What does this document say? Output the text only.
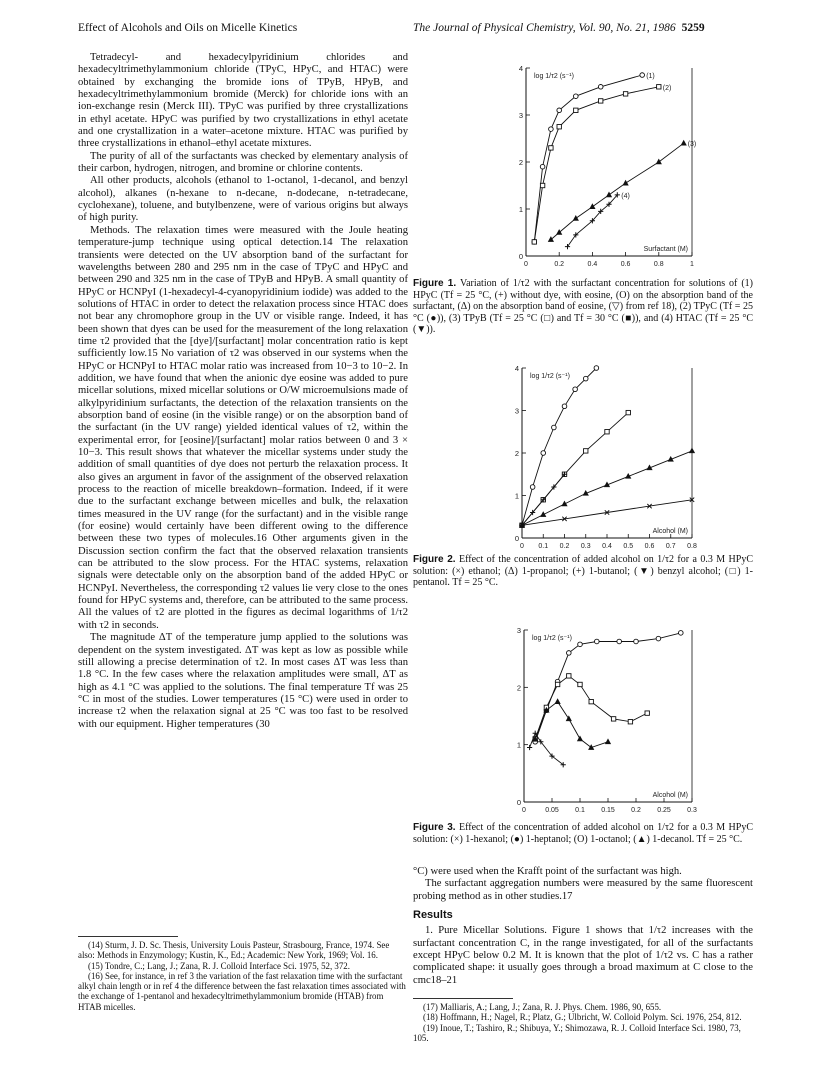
Effect of Alcohols and Oils on Micelle Kinetics	The Journal of Physical Chemistry, Vol. 90, No. 21, 1986 5259

Tetradecyl- and hexadecylpyridinium chlorides and hexadecyltrimethylammonium chloride (TPyC, HPyC, and HTAC) were obtained by exchanging the bromide ions of TPyB, HPyB, and hexadecyltrimethylammonium bromide (Merck) for chloride ions with an ion-exchange resin (Merck III). TPyC was purified by three crystallizations in ethyl acetate. HPyC was purified by two crystallizations in ethyl acetate and one crystallization in a water–acetone mixture. HTAC was purified by three crystallizations in ethanol–ethyl acetate mixtures.

The purity of all of the surfactants was checked by elementary analysis of their carbon, hydrogen, nitrogen, and bromine or chlorine contents.

All other products, alcohols (ethanol to 1-octanol, 1-decanol, and benzyl alcohol), alkanes (n-hexane to n-decane, n-dodecane, n-tetradecane, cyclohexane), toluene, and butylbenzene, were of various origins but always of high purity.

Methods. The relaxation times were measured with the Joule heating temperature-jump technique using optical detection.14 The relaxation transients were detected on the UV absorption band of the surfactant for wavelengths between 280 and 295 nm in the case of TPyC and HPyC and between 290 and 325 nm in the case of TPyB and HPyB. A small quantity of HPyC or HCNPyI (1-hexadecyl-4-cyanopyridinium iodide) was added to the solutions of HTAC in order to detect the relaxation process since HTAC does not bear any chromophore group in the UV or visible range. Indeed, it has been shown that dyes can be used for the measurement of the long relaxation time τ2 provided that the [dye]/[surfactant] molar concentration ratio is kept sufficiently low.15 No variation of τ2 was observed in our systems when the HPyC or HCNPyI to HTAC molar ratio was increased from 10−3 to 10−2. In addition, we have found that when the anionic dye eosine was added to pure micellar solutions, mixed micellar solutions or O/W microemulsions made of alkylpyridinium surfactants, the detection of the relaxation transients on the absorption band of eosine (in the visible range) or on the absorption band of the surfactant (in the UV range) yielded identical values of τ2, within the experimental error, for [eosine]/[surfactant] molar ratios between 0 and 3 × 10−3. This result shows that whatever the micellar systems under study the addition of small quantities of dye does not perturb the relaxation process. It also gives an argument in favor of the assignment of the observed relaxation process to the reaction of micelle breakdown–formation. Indeed, if it were due to the surfactant exchange between micelles and bulk, the relaxation times measured in the UV range (for the surfactant) and in the visible range (for eosine) would certainly have been different owing to the difference between these two types of molecules.16 Other arguments given in the Discussion section confirm the fact that the observed relaxation transients can be attributed to the slow process. For the HTAC systems, relaxation signals were detectable only on the absorption band of the added HPyC or HCNPyI. Nevertheless, the corresponding τ2 values lie very close to the ones found for HPyC systems and, therefore, can be attributed to the same process. All the values of τ2 are plotted in the figures as decimal logarithms of 1/τ2 with τ2 in seconds.

The magnitude ΔT of the temperature jump applied to the solutions was dependent on the system investigated. ΔT was kept as low as possible while still allowing a precise determination of τ2. In most cases ΔT was less than 1.8 °C. In the few cases where the relaxation amplitudes were small, ΔT as high as 4.1 °C was applied to the solutions. The final temperature Tf was 25 °C in most of the studies. Lower temperatures (15 °C) were used in order to increase τ2 when the relaxation signal at 25 °C was too fast to be resolved with our equipment. Higher temperatures (30

(14) Sturm, J. D. Sc. Thesis, University Louis Pasteur, Strasbourg, France, 1974. See also: Methods in Enzymology; Kustin, K., Ed.; Academic: New York, 1969; Vol. 16.

(15) Tondre, C.; Lang, J.; Zana, R. J. Colloid Interface Sci. 1975, 52, 372.

(16) See, for instance, in ref 3 the variation of the fast relaxation time with the surfactant alkyl chain length or in ref 4 the difference between the fast relaxation times associated with the exchange of 1-pentanol and hexadecyltrimethylammonium bromide (HTAB) from HTAB micelles.

0	0.2	0.4	0.6	0.8	1
0
1
2
3
4
log 1/τ2 (s⁻¹)
Surfactant (M)
(1)
(2)
(3)
(4)
Figure 1. Variation of 1/τ2 with the surfactant concentration for solutions of (1) HPyC (Tf = 25 °C, (+) without dye, with eosine, (O) on the absorption band of the surfactant, (Δ) on the absorption band of eosine, (▽) from ref 18), (2) TPyC (Tf = 25 °C (●)), (3) TPyB (Tf = 25 °C (□) and Tf = 30 °C (■)), and (4) HTAC (Tf = 25 °C (▼)).
0 0.1 0.2 0.3 0.4 0.5 0.6 0.7 0.8
0
1
2
3
4
log 1/τ2 (s⁻¹)
Alcohol (M)
Figure 2. Effect of the concentration of added alcohol on 1/τ2 for a 0.3 M HPyC solution: (×) ethanol; (Δ) 1-propanol; (+) 1-butanol; (▼) benzyl alcohol; (□) 1-pentanol. Tf = 25 °C.
0	0.05 0.1 0.15 0.2 0.25 0.3
0
1
2
3
log 1/τ2 (s⁻¹)
Alcohol (M)
Figure 3. Effect of the concentration of added alcohol on 1/τ2 for a 0.3 M HPyC solution: (×) 1-hexanol; (●) 1-heptanol; (O) 1-octanol; (▲) 1-decanol. Tf = 25 °C.

°C) were used when the Krafft point of the surfactant was high.

The surfactant aggregation numbers were measured by the same fluorescent probing method as in other studies.17

Results

1. Pure Micellar Solutions. Figure 1 shows that 1/τ2 increases with the surfactant concentration C, in the range investigated, for all of the surfactants except HPyC below 0.2 M. It is known that the plot of 1/τ2 vs. C has a rather complicated shape: it usually goes through a broad maximum at C close to the cmc18–21

(17) Malliaris, A.; Lang, J.; Zana, R. J. Phys. Chem. 1986, 90, 655.

(18) Hoffmann, H.; Nagel, R.; Platz, G.; Ulbricht, W. Colloid Polym. Sci. 1976, 254, 812.

(19) Inoue, T.; Tashiro, R.; Shibuya, Y.; Shimozawa, R. J. Colloid Interface Sci. 1980, 73, 105.
